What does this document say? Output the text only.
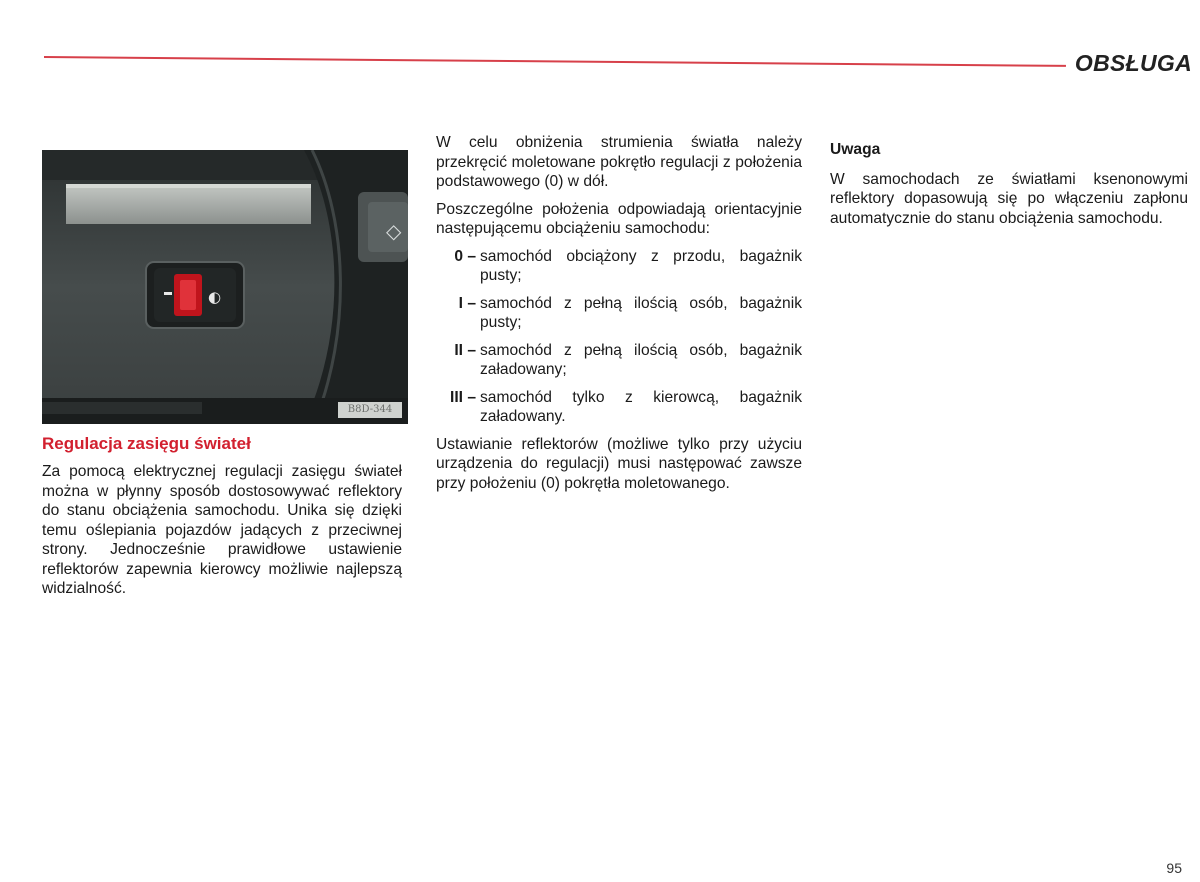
OBSŁUGA
◇
◐
B8D-344
Regulacja zasięgu świateł

Za pomocą elektrycznej regulacji zasięgu świateł można w płynny sposób dostosowywać reflektory do stanu obciążenia samochodu. Unika się dzięki temu oślepiania pojazdów jadących z przeciwnej strony. Jednocześnie prawidłowe ustawienie reflektorów zapewnia kierowcy możliwie najlepszą widzialność.

W celu obniżenia strumienia światła należy przekręcić moletowane pokrętło regulacji z położenia podstawowego (0) w dół.

Poszczególne położenia odpowiadają orientacyjnie następującemu obciążeniu samochodu:

0 – samochód obciążony z przodu, bagażnik pusty;
I – samochód z pełną ilością osób, bagażnik pusty;
II – samochód z pełną ilością osób, bagażnik załadowany;
III – samochód tylko z kierowcą, bagażnik załadowany.

Ustawianie reflektorów (możliwe tylko przy użyciu urządzenia do regulacji) musi następować zawsze przy położeniu (0) pokrętła moletowanego.

Uwaga

W samochodach ze światłami ksenonowymi reflektory dopasowują się po włączeniu zapłonu automatycznie do stanu obciążenia samochodu.

95
